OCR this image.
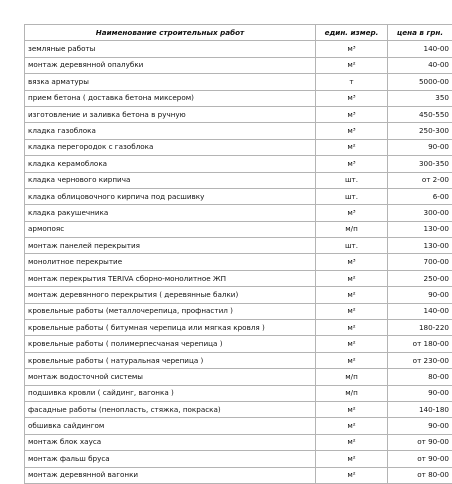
Наименование строительных работ	един. измер.	цена в грн.
земляные работы	м³	140-00
монтаж деревянной опалубки	м²	40-00
вязка арматуры	т	5000-00
прием бетона ( доставка бетона миксером)	м³	350
изготовление и заливка бетона в ручную	м³	450-550
кладка газоблока	м³	250-300
кладка перегородок с газоблока	м²	90-00
кладка керамоблока	м³	300-350
кладка чернового кирпича	шт.	от 2-00
кладка облицовочного кирпича под расшивку	шт.	6-00
кладка ракушечника	м³	300-00
армопояс	м/п	130-00
монтаж панелей перекрытия	шт.	130-00
монолитное перекрытие	м³	700-00
монтаж перекрытия TERIVA сборно-монолитное ЖП	м²	250-00
монтаж деревянного перекрытия ( деревянные балки)	м²	90-00
кровельные работы (металлочерепица, профнастил )	м²	140-00
кровельные работы ( битумная черепица или мягкая кровля )	м²	180-220
кровельные работы ( полимерпесчаная черепица )	м²	от 180-00
кровельные работы ( натуральная черепица )	м²	от 230-00
монтаж водосточной системы	м/п	80-00
подшивка кровли ( сайдинг, вагонка )	м/п	90-00
фасадные работы (пенопласть, стяжка, покраска)	м²	140-180
обшивка сайдингом	м²	90-00
монтаж блок хауса	м²	от 90-00
монтаж фальш бруса	м²	от 90-00
монтаж деревянной вагонки	м²	от 80-00
